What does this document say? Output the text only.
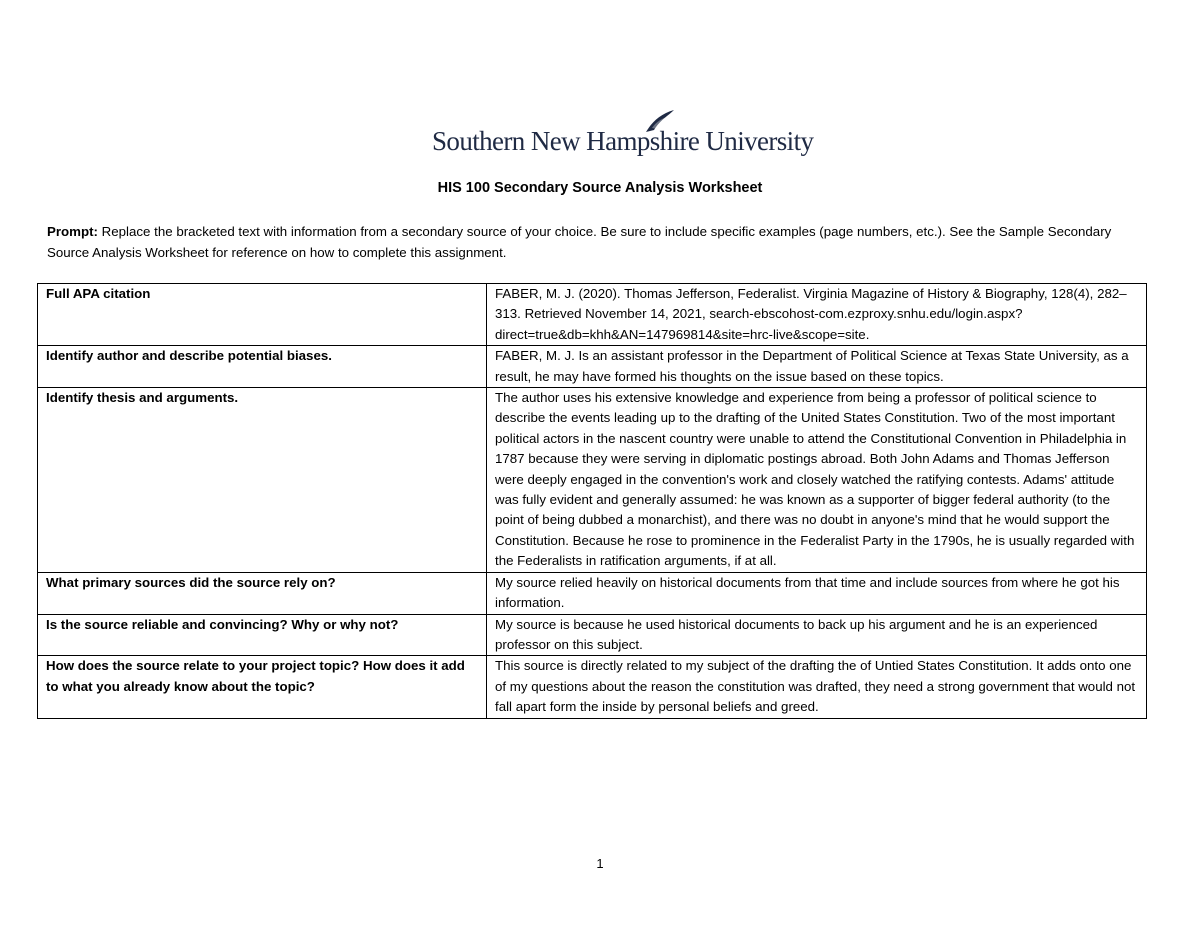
Southern New Hampshire University
HIS 100 Secondary Source Analysis Worksheet
Prompt: Replace the bracketed text with information from a secondary source of your choice. Be sure to include specific examples (page numbers, etc.). See the Sample Secondary Source Analysis Worksheet for reference on how to complete this assignment.
Full APA citation	FABER, M. J. (2020). Thomas Jefferson, Federalist. Virginia Magazine of History & Biography, 128(4), 282–313. Retrieved November 14, 2021, search-ebscohost-com.ezproxy.snhu.edu/login.aspx?direct=true&db=khh&AN=147969814&site=hrc-live&scope=site.
Identify author and describe potential biases.	FABER, M. J. Is an assistant professor in the Department of Political Science at Texas State University, as a result, he may have formed his thoughts on the issue based on these topics.
Identify thesis and arguments.	The author uses his extensive knowledge and experience from being a professor of political science to describe the events leading up to the drafting of the United States Constitution. Two of the most important political actors in the nascent country were unable to attend the Constitutional Convention in Philadelphia in 1787 because they were serving in diplomatic postings abroad. Both John Adams and Thomas Jefferson were deeply engaged in the convention's work and closely watched the ratifying contests. Adams' attitude was fully evident and generally assumed: he was known as a supporter of bigger federal authority (to the point of being dubbed a monarchist), and there was no doubt in anyone's mind that he would support the Constitution. Because he rose to prominence in the Federalist Party in the 1790s, he is usually regarded with the Federalists in ratification arguments, if at all.
What primary sources did the source rely on?	My source relied heavily on historical documents from that time and include sources from where he got his information.
Is the source reliable and convincing? Why or why not?	My source is because he used historical documents to back up his argument and he is an experienced professor on this subject.
How does the source relate to your project topic? How does it add to what you already know about the topic?	This source is directly related to my subject of the drafting the of Untied States Constitution. It adds onto one of my questions about the reason the constitution was drafted, they need a strong government that would not fall apart form the inside by personal beliefs and greed.
1
